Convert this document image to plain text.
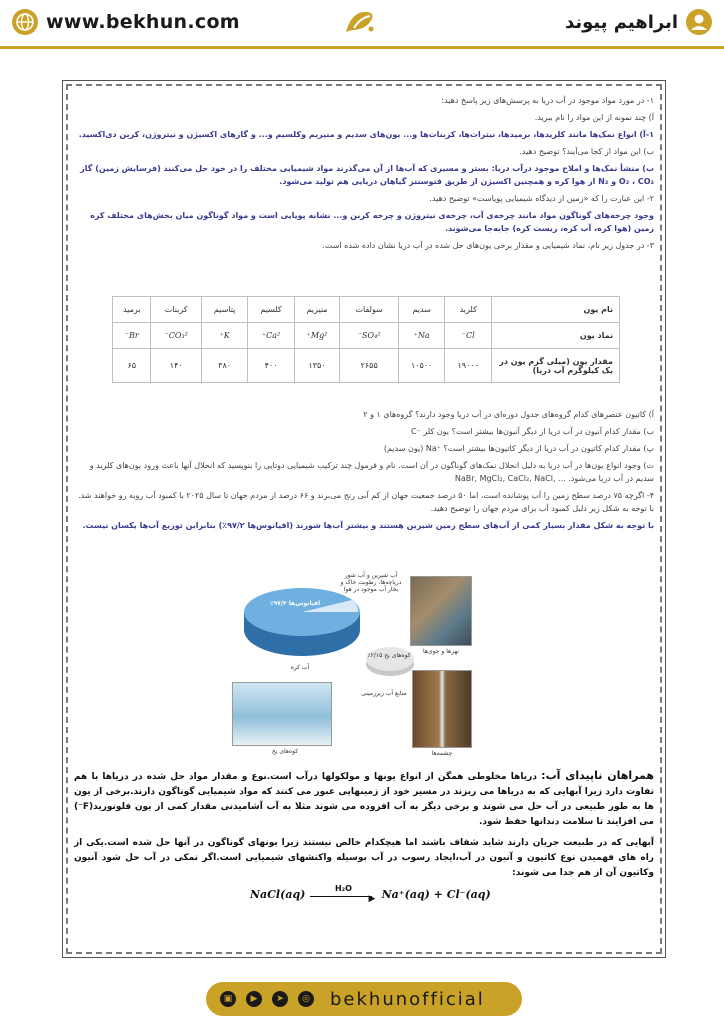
www.bekhun.com	ابراهیم پیوند

۱- در مورد مواد موجود در آب دریا به پرسش‌های زیر پاسخ دهید:

آ) چند نمونه از این مواد را نام ببرید.

۱-آ) انواع نمک‌ها مانند کلریدها، برمیدها، نیترات‌ها، کربنات‌ها و... یون‌های سدیم و منیزیم وکلسیم و... و گازهای اکسیژن و نیتروژن، کربن دی‌اکسید.

ب) این مواد از کجا می‌آیند؟ توضیح دهید.

ب) منشأ نمک‌ها و املاح موجود درآب دریا: بستر و مسیری که آب‌ها از آن می‌گذرند مواد شیمیایی مختلف را در خود حل می‌کنند (فرسایش زمین) گاز O₂ ، CO₂ و N₂ از هوا کره و همچنین اکسیژن از طریق فتوسنتز گیاهان دریایی هم تولید می‌شود.

۲- این عبارت را که «زمین از دیدگاه شیمیایی پویاست» توضیح دهید.

وجود چرخه‌های گوناگون مواد مانند چرخه‌ی آب، چرخه‌ی نیتروژن و چرخه کربن و... نشانه پویایی است و مواد گوناگون میان بخش‌های مختلف کره زمین (هوا کره، آب کره، زیست کره) جابه‌جا می‌شوند.

۳- در جدول زیر نام، نماد شیمیایی و مقدار برخی یون‌های حل شده در آب دریا نشان داده شده است.

نام یون	کلرید	سدیم	سولفات	منیزیم	کلسیم	پتاسیم	کربنات	برمید
نماد یون	Cl⁻	Na⁺	SO₄²⁻	Mg²⁺	Ca²⁺	K⁺	CO₃²⁻	Br⁻
مقدار یون (میلی گرم یون در یک کیلوگرم آب دریا)	۱۹۰۰۰	۱۰۵۰۰	۲۶۵۵	۱۳۵۰	۴۰۰	۳۸۰	۱۴۰	۶۵

آ) کاتیون عنصرهای کدام گروه‌های جدول دوره‌ای در آب دریا وجود دارند؟ گروه‌های ۱ و ۲

ب) مقدار کدام آنیون در آب دریا از دیگر آنیون‌ها بیشتر است؟ یون کلر ⁻C

پ) مقدار کدام کاتیون در آب دریا از دیگر کاتیون‌ها بیشتر است؟ ⁺Na (یون سدیم)

ت) وجود انواع یون‌ها در آب دریا به دلیل انحلال نمک‌های گوناگون در آن است. نام و فرمول چند ترکیب شیمیایی دوتایی را بنویسید که انحلال آنها باعث ورود یون‌های کلرید و سدیم در آب دریا می‌شود. ... ,NaBr, MgCl₂, CaCl₂, NaCl

۴- اگرچه ۷۵ درصد سطح زمین را آب پوشانده است، اما ۵۰ درصد جمعیت جهان از کم آبی رنج می‌برند و ۶۶ درصد از مردم جهان تا سال ۲۰۲۵ با کمبود آب روبه رو خواهند شد. با توجه به شکل زیر دلیل کمبود آب برای مردم جهان را توضیح دهید.

با توجه به شکل مقدار بسیار کمی از آب‌های سطح زمین شیرین هستند و بیشتر آب‌ها شورند (اقیانوس‌ها ۹۷/۲٪) بنابراین توزیع آب‌ها یکسان نیست.

اقیانوس‌ها ۹۷/۲٪
آب کره
آب شیرین و آب شور دریاچه‌ها، رطوبت خاک و بخار آب موجود در هوا
کوه‌های یخ ۲/۱۵٪
منابع آب زیرزمینی
کوه‌های یخ
نهرها و جوی‌ها
چشمه‌ها

همراهان ناپیدای آب: دریاها مخلوطی همگن از انواع یونها و مولکولها درآب است.نوع و مقدار مواد حل شده در دریاها با هم تفاوت دارد زیرا آبهایی که به دریاها می ریزند در مسیر خود از زمینهایی عبور می کنند که مواد شیمیایی گوناگون دارند.برخی از یون ها به طور طبیعی در آب حل می شوند و برخی دیگر به آب افزوده می شوند مثلا به آب آشامیدنی مقدار کمی از یون فلونورید(F⁻) می افزایند تا سلامت دندانها حفظ شود.

آبهایی که در طبیعت جریان دارند شاید شفاف باشند اما هیچکدام خالص نیستند زیرا یونهای گوناگون در آنها حل شده است.یکی از راه های فهمیدن نوع کاتیون و آنیون در آب،ایجاد رسوب در آب بوسیله واکنشهای شیمیایی است.اگر نمکی در آب حل شود آنیون وکاتیون آن از هم جدا می شوند:

NaCl(aq)	H₂O
▶ Na⁺(aq) + Cl⁻(aq)
▣	▶	➤	◎ bekhunofficial
